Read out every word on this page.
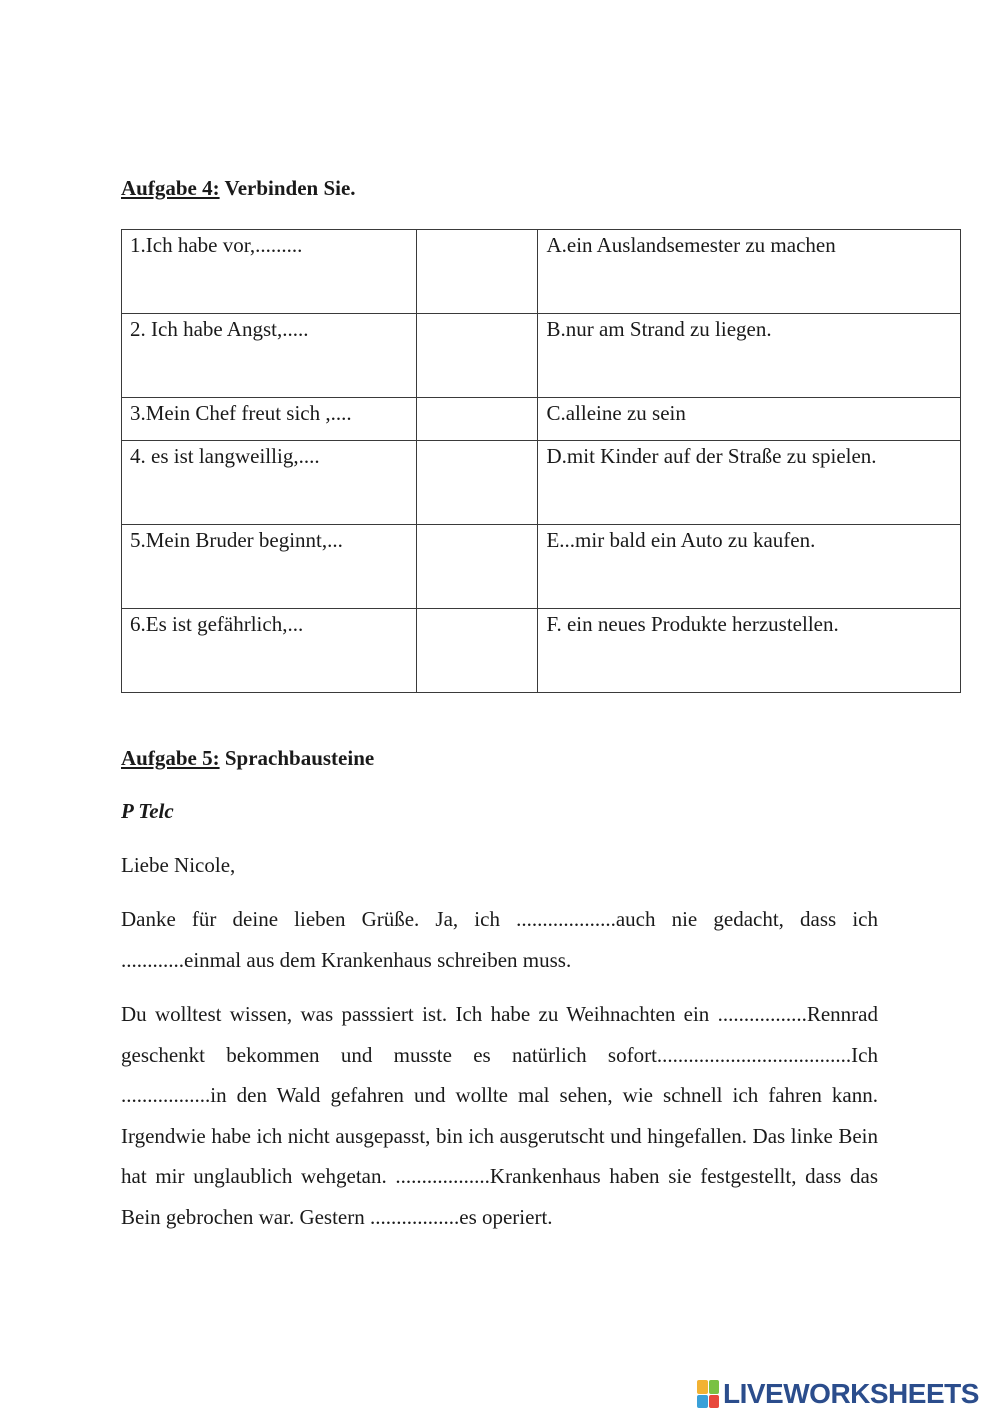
Aufgabe 4: Verbinden Sie.
1.Ich habe vor,.........		A.ein Auslandsemester zu machen
2. Ich habe Angst,.....		B.nur am Strand zu liegen.
3.Mein Chef freut sich ,....		C.alleine zu sein
4. es ist langweillig,....		D.mit Kinder auf der Straße zu spielen.
5.Mein Bruder beginnt,...		E...mir bald ein Auto zu kaufen.
6.Es ist gefährlich,...		F. ein neues Produkte herzustellen.
Aufgabe 5: Sprachbausteine
P Telc
Liebe Nicole,

Danke für deine lieben Grüße. Ja, ich ...................auch nie gedacht, dass ich ............einmal aus dem Krankenhaus schreiben muss.

Du wolltest wissen, was passsiert ist. Ich habe zu Weihnachten ein .................Rennrad geschenkt bekommen und musste es natürlich sofort.....................................Ich .................in den Wald gefahren und wollte mal sehen, wie schnell ich fahren kann. Irgendwie habe ich nicht ausgepasst, bin ich ausgerutscht und hingefallen. Das linke Bein hat mir unglaublich wehgetan. ..................Krankenhaus haben sie festgestellt, dass das Bein gebrochen war. Gestern .................es operiert.

LIVEWORKSHEETS
